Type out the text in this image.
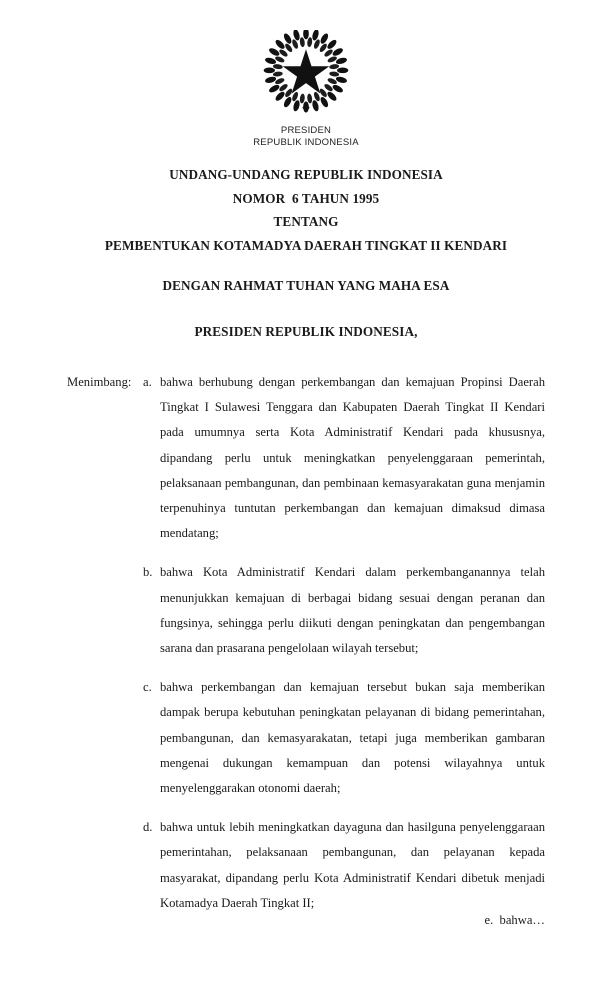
PRESIDEN
REPUBLIK INDONESIA
UNDANG-UNDANG REPUBLIK INDONESIA
NOMOR  6 TAHUN 1995
TENTANG
PEMBENTUKAN KOTAMADYA DAERAH TINGKAT II KENDARI
DENGAN RAHMAT TUHAN YANG MAHA ESA
PRESIDEN REPUBLIK INDONESIA,
Menimbang: a. bahwa berhubung dengan perkembangan dan kemajuan Propinsi Daerah Tingkat I Sulawesi Tenggara dan Kabupaten Daerah Tingkat II Kendari pada umumnya serta Kota Administratif Kendari pada khususnya, dipandang perlu untuk meningkatkan penyelenggaraan pemerintah, pelaksanaan pembangunan, dan pembinaan kemasyarakatan guna menjamin terpenuhinya tuntutan perkembangan dan kemajuan dimaksud dimasa mendatang;
b. bahwa Kota Administratif Kendari dalam perkembanganannya telah menunjukkan kemajuan di berbagai bidang sesuai dengan peranan dan fungsinya, sehingga perlu diikuti dengan peningkatan dan pengembangan sarana dan prasarana pengelolaan wilayah tersebut;
c. bahwa perkembangan dan kemajuan tersebut bukan saja memberikan dampak berupa kebutuhan peningkatan pelayanan di bidang pemerintahan, pembangunan, dan kemasyarakatan, tetapi juga memberikan gambaran mengenai dukungan kemampuan dan potensi wilayahnya untuk menyelenggarakan otonomi daerah;
d. bahwa untuk lebih meningkatkan dayaguna dan hasilguna penyelenggaraan pemerintahan, pelaksanaan pembangunan, dan pelayanan kepada masyarakat, dipandang perlu Kota Administratif Kendari dibetuk menjadi Kotamadya Daerah Tingkat II;
e.  bahwa…
